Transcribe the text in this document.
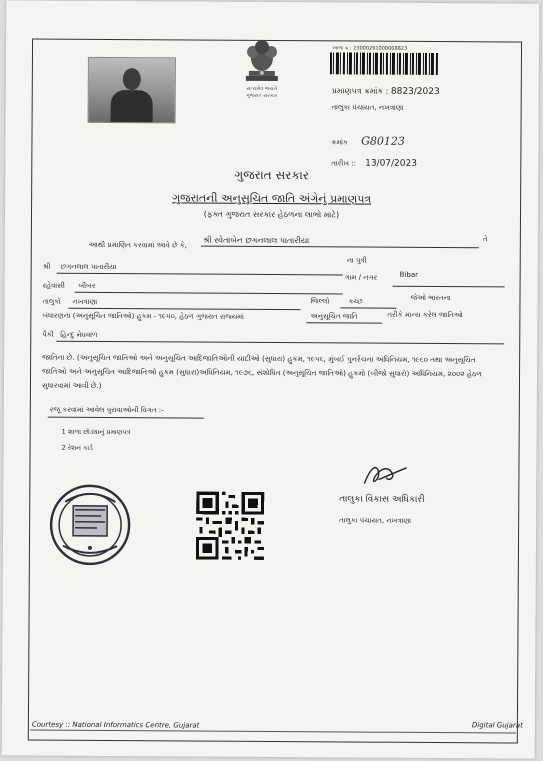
સત્યમેવ જયતે
ગુજરાત સરકાર
આજ ક્ર.: 23000291000008823
પ્રમાણપત્ર ક્રમાંક : 8823/2023
તાલુકા પંચાયત, નખત્રાણા
ક્રમાંક G80123
તારીખ :: 13/07/2023
ગુજરાત સરકાર
ગુજરાતની અનુસૂચિત જાતિ અંગેનું પ્રમાણપત્ર
(ફક્ત ગુજરાત સરકાર હેઠળના લાભો માટે)
આથી પ્રમાણિત કરવામાં આવે છે કે, શ્રી સ્વેતાબેન છગનલાલ પાતારીયા	તે
શ્રી છગનલાલ પાતારીયા
ના પુત્રી
ગામ / નગર	Bibar
રહેવાસી બીબર
તાલુકો નખત્રાણા	જિલ્લો	કચ્છ	જેઓ ભારતના
બંધારણના (અનુસૂચિત જાતિઓ) હુકમ - ૧૯૫૦, હેઠળ ગુજરાત રાજ્યમાં	અનુસૂચિત જાતિ	તરીકે માન્ય કરેલ જાતિઓ
પૈકી હિન્દુ મેઘવાળ
જાતિના છે. (અનુસૂચિત જાતિઓ અને અનુસૂચિત આદિજાતિઓની યાદીઓ (સુધારા) હુકમ, ૧૯૫૬, મુંબઈ પુનર્રચના અધિનિયમ, ૧૯૬૦ તથા અનુસૂચિત જાતિઓ અને અનુસૂચિત આદિજાતિઓ હુકમ (સુધારા)અધિનિયમ, ૧૯૭૬, સંશોધિત (અનુસૂચિત જાતિઓ) હુકમો (બીજો સુધારો) અધિનિયમ, ૨૦૦૨ હેઠળ સુધારવામાં આવી છે.)
રજૂ કરવામાં આવેલ પુરાવાઓની વિગત :-
1 શાળા છોડ્યાનું પ્રમાણપત્ર
2 રેશન કાર્ડ
તાલુકા વિકાસ અધિકારી
તાલુકા પંચાયત, નખત્રાણા
Courtesy :: National Informatics Centre, Gujarat	Digital Gujarat
